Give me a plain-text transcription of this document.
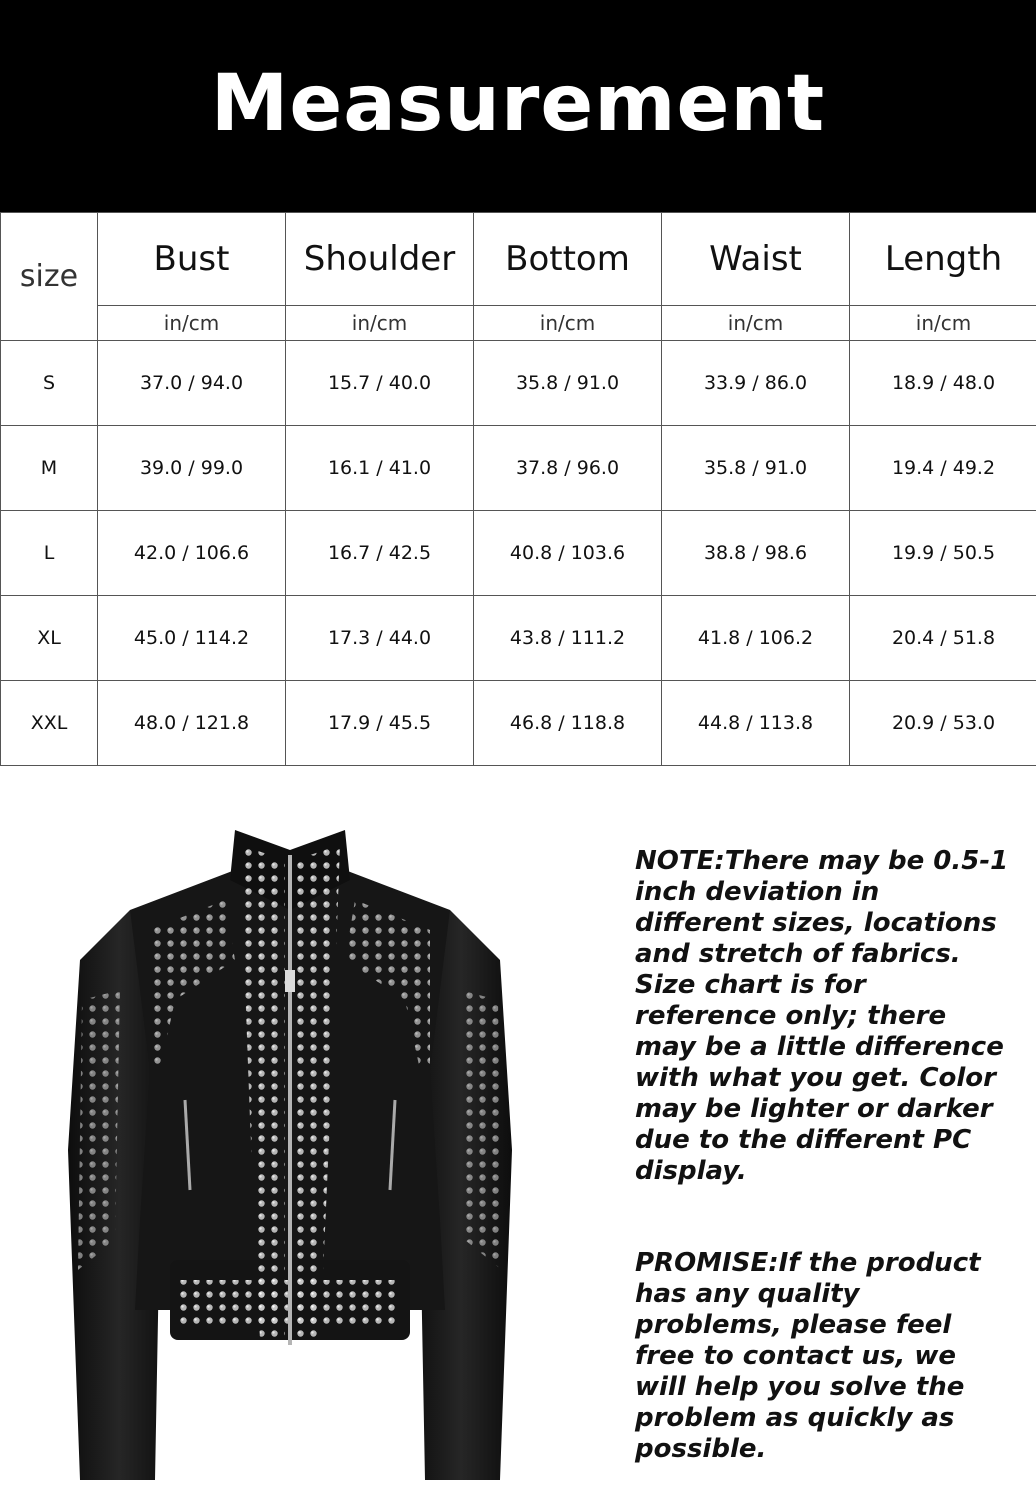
Measurement
size	Bust	Shoulder	Bottom	Waist	Length
	in/cm	in/cm	in/cm	in/cm	in/cm
S	37.0 / 94.0	15.7 / 40.0	35.8 / 91.0	33.9 / 86.0	18.9 / 48.0
M	39.0 / 99.0	16.1 / 41.0	37.8 / 96.0	35.8 / 91.0	19.4 / 49.2
L	42.0 / 106.6	16.7 / 42.5	40.8 / 103.6	38.8 / 98.6	19.9 / 50.5
XL	45.0 / 114.2	17.3 / 44.0	43.8 / 111.2	41.8 / 106.2	20.4 / 51.8
XXL	48.0 / 121.8	17.9 / 45.5	46.8 / 118.8	44.8 / 113.8	20.9 / 53.0

NOTE:There may be 0.5-1 inch deviation in different sizes, locations and stretch of fabrics. Size chart is for reference only; there may be a little difference with what you get. Color may be lighter or darker due to the different PC display.

PROMISE:If the product has any quality problems, please feel free to contact us, we will help you solve the problem as quickly as possible.
